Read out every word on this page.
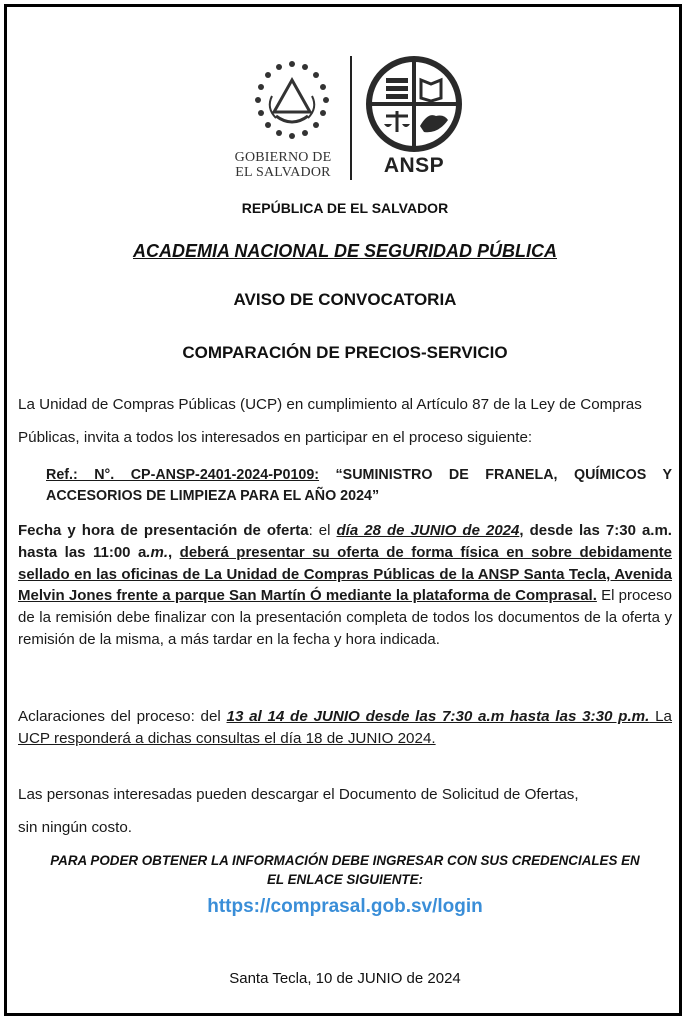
GOBIERNO DE
EL SALVADOR	ANSP
REPÚBLICA DE EL SALVADOR
ACADEMIA NACIONAL DE SEGURIDAD PÚBLICA
AVISO DE CONVOCATORIA
COMPARACIÓN DE PRECIOS-SERVICIO
La Unidad de Compras Públicas (UCP) en cumplimiento al Artículo 87 de la Ley de Compras
Públicas, invita a todos los interesados en participar en el proceso siguiente:
Ref.: N°. CP-ANSP-2401-2024-P0109: “SUMINISTRO DE FRANELA, QUÍMICOS Y ACCESORIOS DE LIMPIEZA PARA EL AÑO 2024”
Fecha y hora de presentación de oferta: el día 28 de JUNIO de 2024, desde las 7:30 a.m. hasta las 11:00 a.m., deberá presentar su oferta de forma física en sobre debidamente sellado en las oficinas de La Unidad de Compras Públicas de la ANSP Santa Tecla, Avenida Melvin Jones frente a parque San Martín Ó mediante la plataforma de Comprasal. El proceso de la remisión debe finalizar con la presentación completa de todos los documentos de la oferta y remisión de la misma, a más tardar en la fecha y hora indicada.
Aclaraciones del proceso: del 13 al 14 de JUNIO desde las 7:30 a.m hasta las 3:30 p.m. La UCP responderá a dichas consultas el día 18 de JUNIO 2024.
Las personas interesadas pueden descargar el Documento de Solicitud de Ofertas,
sin ningún costo.
PARA PODER OBTENER LA INFORMACIÓN DEBE INGRESAR CON SUS CREDENCIALES EN
EL ENLACE SIGUIENTE:
https://comprasal.gob.sv/login
Santa Tecla, 10 de JUNIO de 2024
